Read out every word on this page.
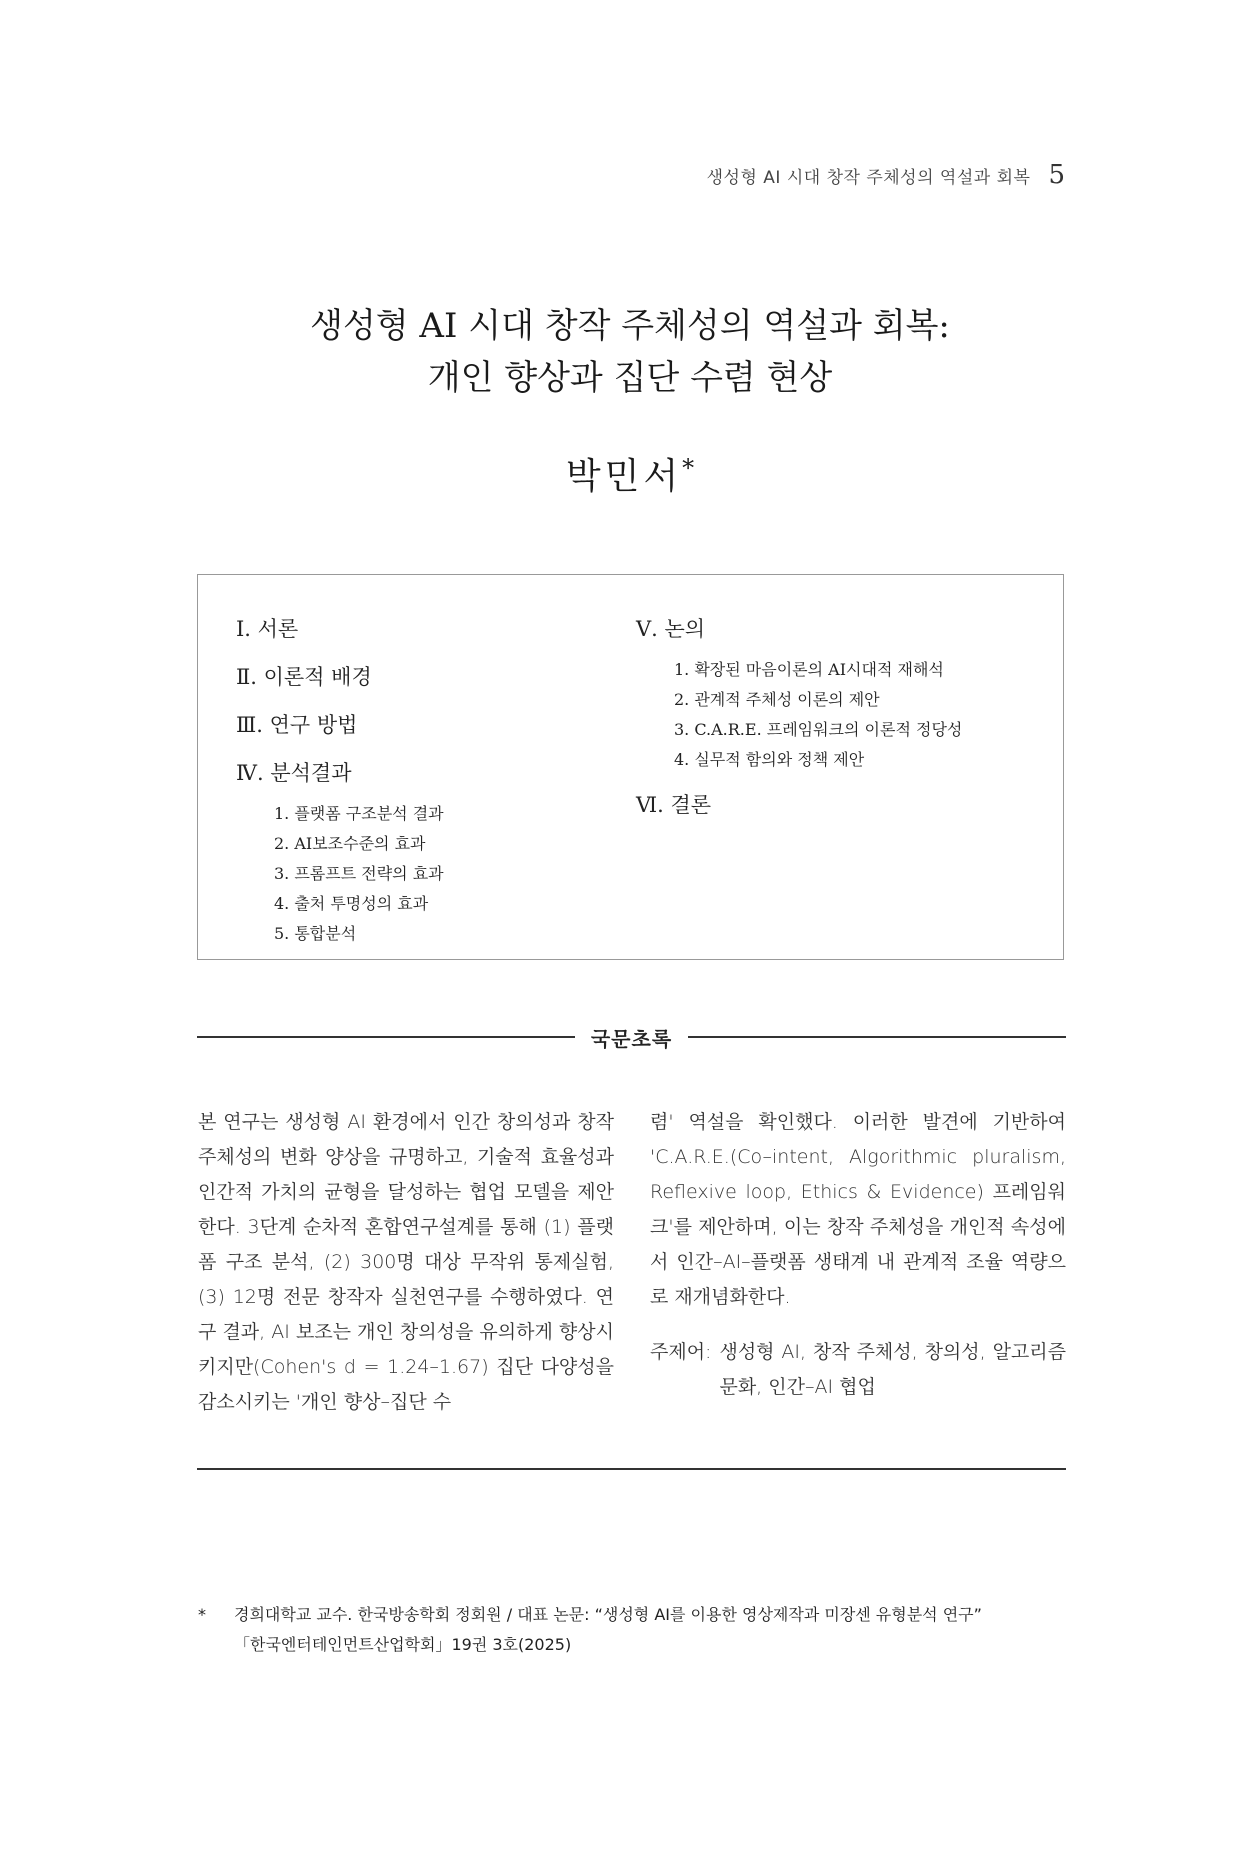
생성형 AI 시대 창작 주체성의 역설과 회복 5
생성형 AI 시대 창작 주체성의 역설과 회복:
개인 향상과 집단 수렴 현상
박민서*
Ⅰ. 서론
Ⅱ. 이론적 배경
Ⅲ. 연구 방법
Ⅳ. 분석결과
1. 플랫폼 구조분석 결과
2. AI보조수준의 효과
3. 프롬프트 전략의 효과
4. 출처 투명성의 효과
5. 통합분석
Ⅴ. 논의
1. 확장된 마음이론의 AI시대적 재해석
2. 관계적 주체성 이론의 제안
3. C.A.R.E. 프레임워크의 이론적 정당성
4. 실무적 함의와 정책 제안
Ⅵ. 결론
국문초록
본 연구는 생성형 AI 환경에서 인간 창의성과 창작 주체성의 변화 양상을 규명하고, 기술적 효율성과 인간적 가치의 균형을 달성하는 협업 모델을 제안한다. 3단계 순차적 혼합연구설계를 통해 (1) 플랫폼 구조 분석, (2) 300명 대상 무작위 통제실험, (3) 12명 전문 창작자 실천연구를 수행하였다. 연구 결과, AI 보조는 개인 창의성을 유의하게 향상시키지만(Cohen's d = 1.24–1.67) 집단 다양성을 감소시키는 '개인 향상–집단 수
렴' 역설을 확인했다. 이러한 발견에 기반하여 'C.A.R.E.(Co–intent, Algorithmic pluralism, Reflexive loop, Ethics & Evidence) 프레임워크'를 제안하며, 이는 창작 주체성을 개인적 속성에서 인간–AI–플랫폼 생태계 내 관계적 조율 역량으로 재개념화한다.
주제어: 생성형 AI, 창작 주체성, 창의성, 알고리즘 문화, 인간–AI 협업
*	경희대학교 교수. 한국방송학회 정회원 / 대표 논문: “생성형 AI를 이용한 영상제작과 미장센 유형분석 연구”
「한국엔터테인먼트산업학회」19권 3호(2025)
